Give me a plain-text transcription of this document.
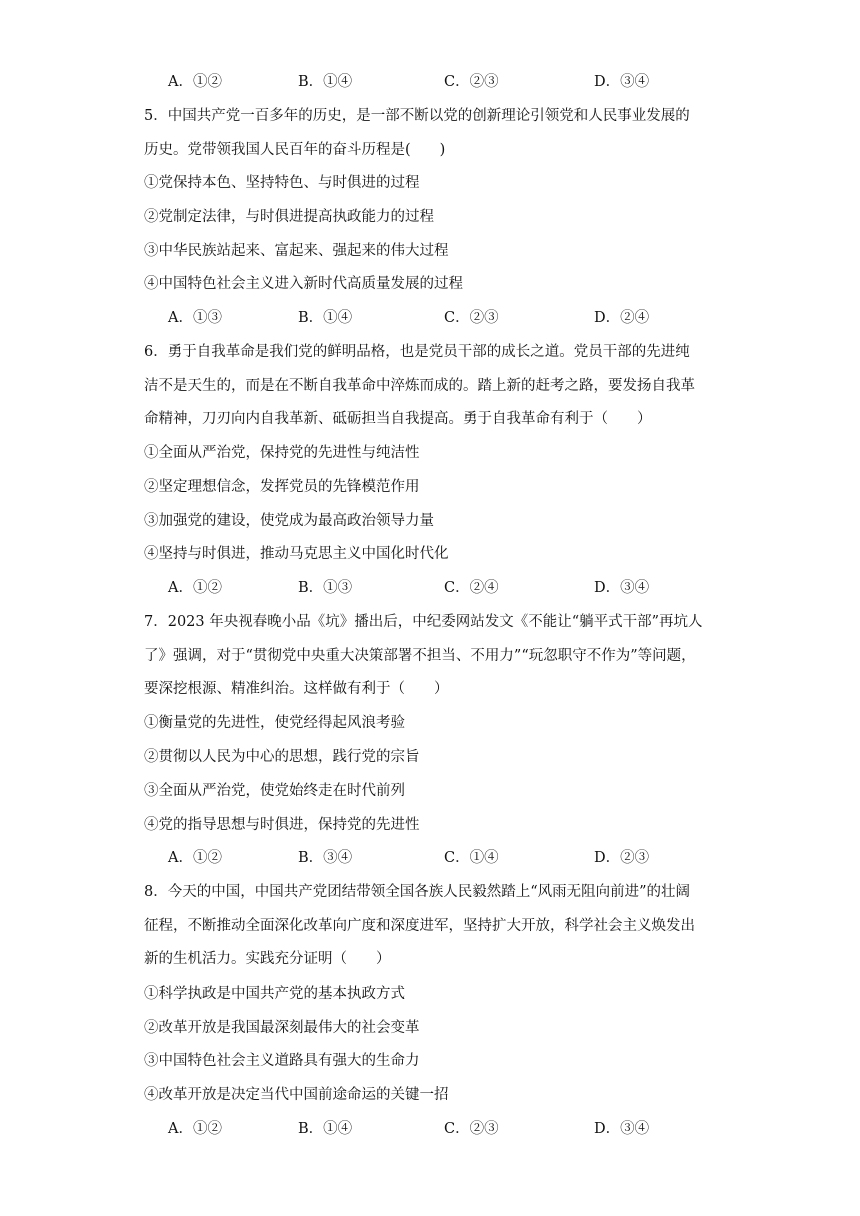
A．①②	B．①④	C．②③	D．③④
5．中国共产党一百多年的历史，是一部不断以党的创新理论引领党和人民事业发展的
历史。党带领我国人民百年的奋斗历程是(　　)
①党保持本色、坚持特色、与时俱进的过程
②党制定法律，与时俱进提高执政能力的过程
③中华民族站起来、富起来、强起来的伟大过程
④中国特色社会主义进入新时代高质量发展的过程
A．①③	B．①④	C．②③	D．②④
6．勇于自我革命是我们党的鲜明品格，也是党员干部的成长之道。党员干部的先进纯
洁不是天生的，而是在不断自我革命中淬炼而成的。踏上新的赶考之路，要发扬自我革
命精神，刀刃向内自我革新、砥砺担当自我提高。勇于自我革命有利于（　　）
①全面从严治党，保持党的先进性与纯洁性
②坚定理想信念，发挥党员的先锋模范作用
③加强党的建设，使党成为最高政治领导力量
④坚持与时俱进，推动马克思主义中国化时代化
A．①②	B．①③	C．②④	D．③④
7．2023 年央视春晚小品《坑》播出后，中纪委网站发文《不能让“躺平式干部”再坑人
了》强调，对于“贯彻党中央重大决策部署不担当、不用力”“玩忽职守不作为”等问题，
要深挖根源、精准纠治。这样做有利于（　　）
①衡量党的先进性，使党经得起风浪考验
②贯彻以人民为中心的思想，践行党的宗旨
③全面从严治党，使党始终走在时代前列
④党的指导思想与时俱进，保持党的先进性
A．①②	B．③④	C．①④	D．②③
8．今天的中国，中国共产党团结带领全国各族人民毅然踏上“风雨无阻向前进”的壮阔
征程，不断推动全面深化改革向广度和深度进军，坚持扩大开放，科学社会主义焕发出
新的生机活力。实践充分证明（　　）
①科学执政是中国共产党的基本执政方式
②改革开放是我国最深刻最伟大的社会变革
③中国特色社会主义道路具有强大的生命力
④改革开放是决定当代中国前途命运的关键一招
A．①②	B．①④	C．②③	D．③④
